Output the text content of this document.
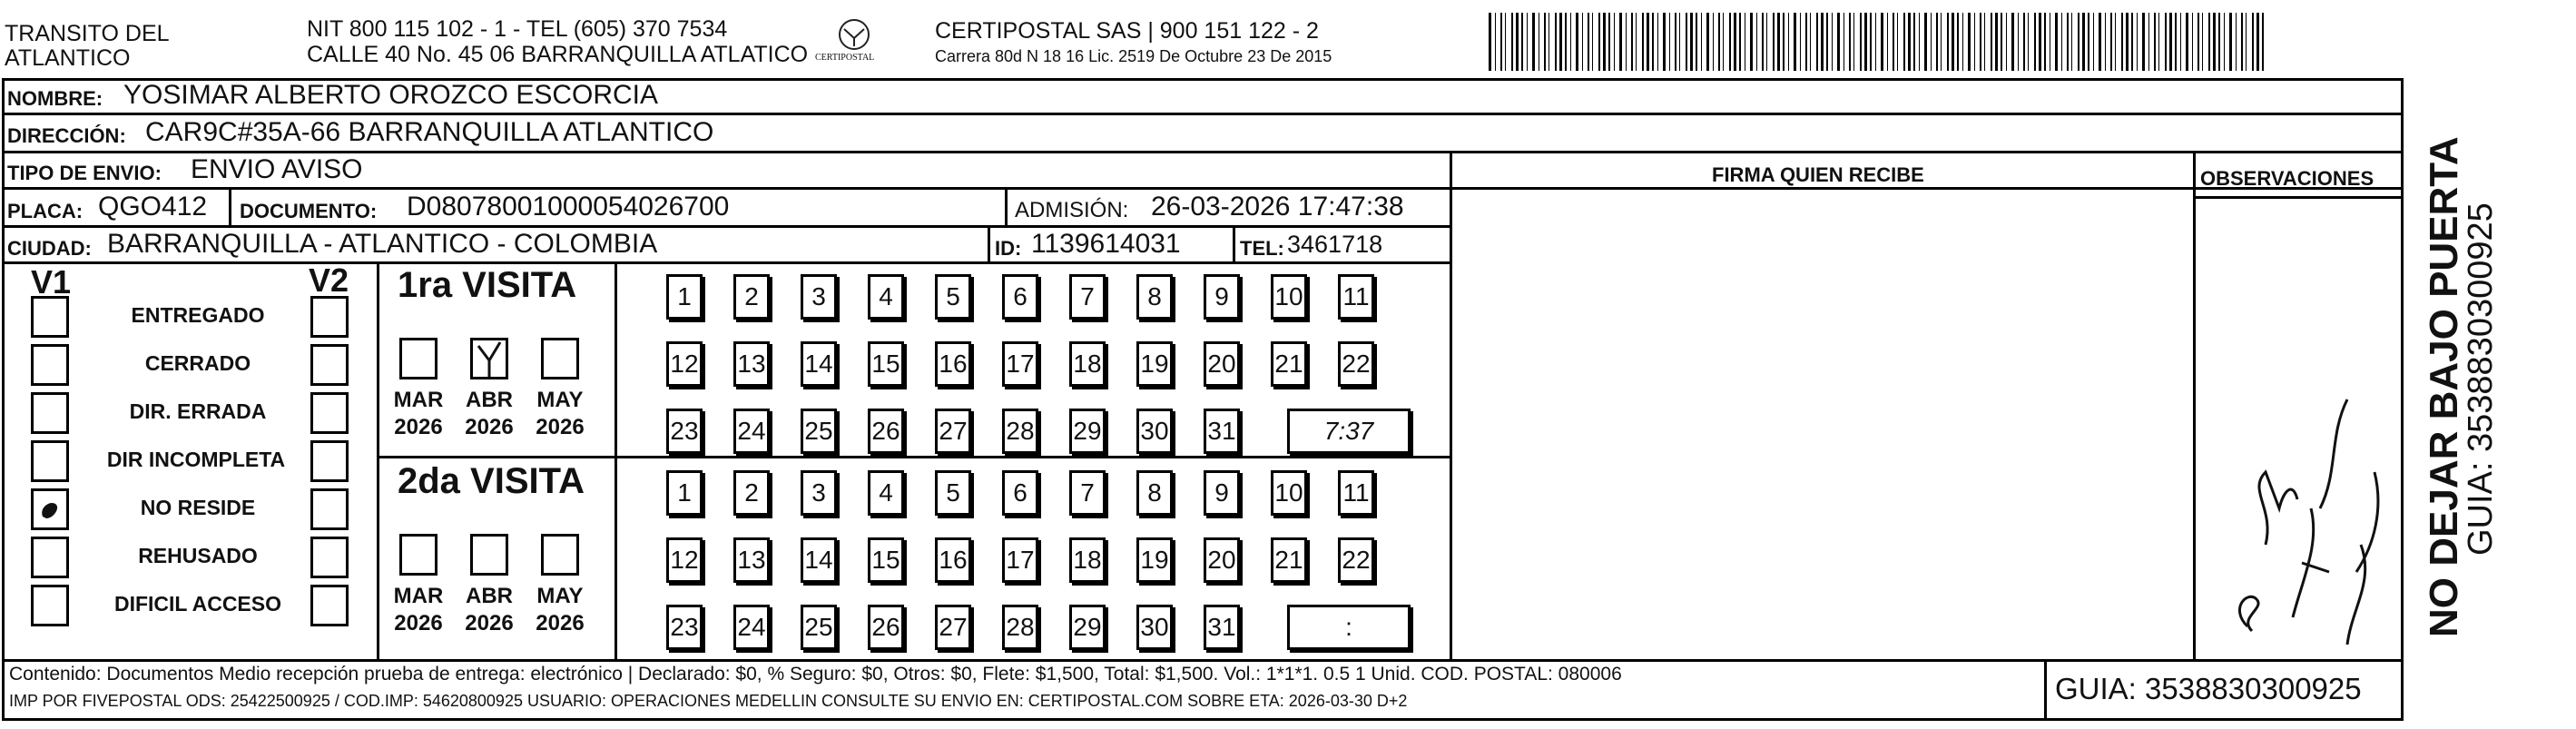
TRANSITO DEL
ATLANTICO
NIT 800 115 102 - 1 - TEL (605) 370 7534
CALLE 40 No. 45 06 BARRANQUILLA ATLATICO CERTIPOSTAL
CERTIPOSTAL SAS | 900 151 122 - 2
Carrera 80d N 18 16 Lic. 2519 De Octubre 23 De 2015
NOMBRE: YOSIMAR ALBERTO OROZCO ESCORCIA
DIRECCIÓN: CAR9C#35A-66 BARRANQUILLA ATLANTICO
TIPO DE ENVIO: ENVIO AVISO	FIRMA QUIEN RECIBE	OBSERVACIONES
PLACA: QGO412 DOCUMENTO: D08078001000054026700	ADMISIÓN: 26-03-2026 17:47:38
CIUDAD: BARRANQUILLA - ATLANTICO - COLOMBIA	ID: 1139614031	TEL: 3461718
V1	V2
ENTREGADO
CERRADO
DIR. ERRADA
DIR INCOMPLETA
NO RESIDE
REHUSADO
DIFICIL ACCESO
1ra VISITA
2da VISITA
MAR
2026
ABR
2026
MAY
2026
1	2	3	4	5	6	7	8	9	10 11
12 13 14 15 16 17 18 19 20 21 22
23 24 25 26 27 28 29 30 31	7:37
MAR
2026
ABR
2026
MAY
2026
1	2	3	4	5	6	7	8	9	10 11
12 13 14 15 16 17 18 19 20 21 22
23 24 25 26 27 28 29 30 31	:
Contenido: Documentos Medio recepción prueba de entrega: electrónico | Declarado: $0, % Seguro: $0, Otros: $0, Flete: $1,500, Total: $1,500. Vol.: 1*1*1. 0.5 1 Unid. COD. POSTAL: 080006
IMP POR FIVEPOSTAL ODS: 25422500925 / COD.IMP: 54620800925 USUARIO: OPERACIONES MEDELLIN CONSULTE SU ENVIO EN: CERTIPOSTAL.COM SOBRE ETA: 2026-03-30 D+2	GUIA: 3538830300925
NO DEJAR BAJO PUERTA
GUIA: 3538830300925
